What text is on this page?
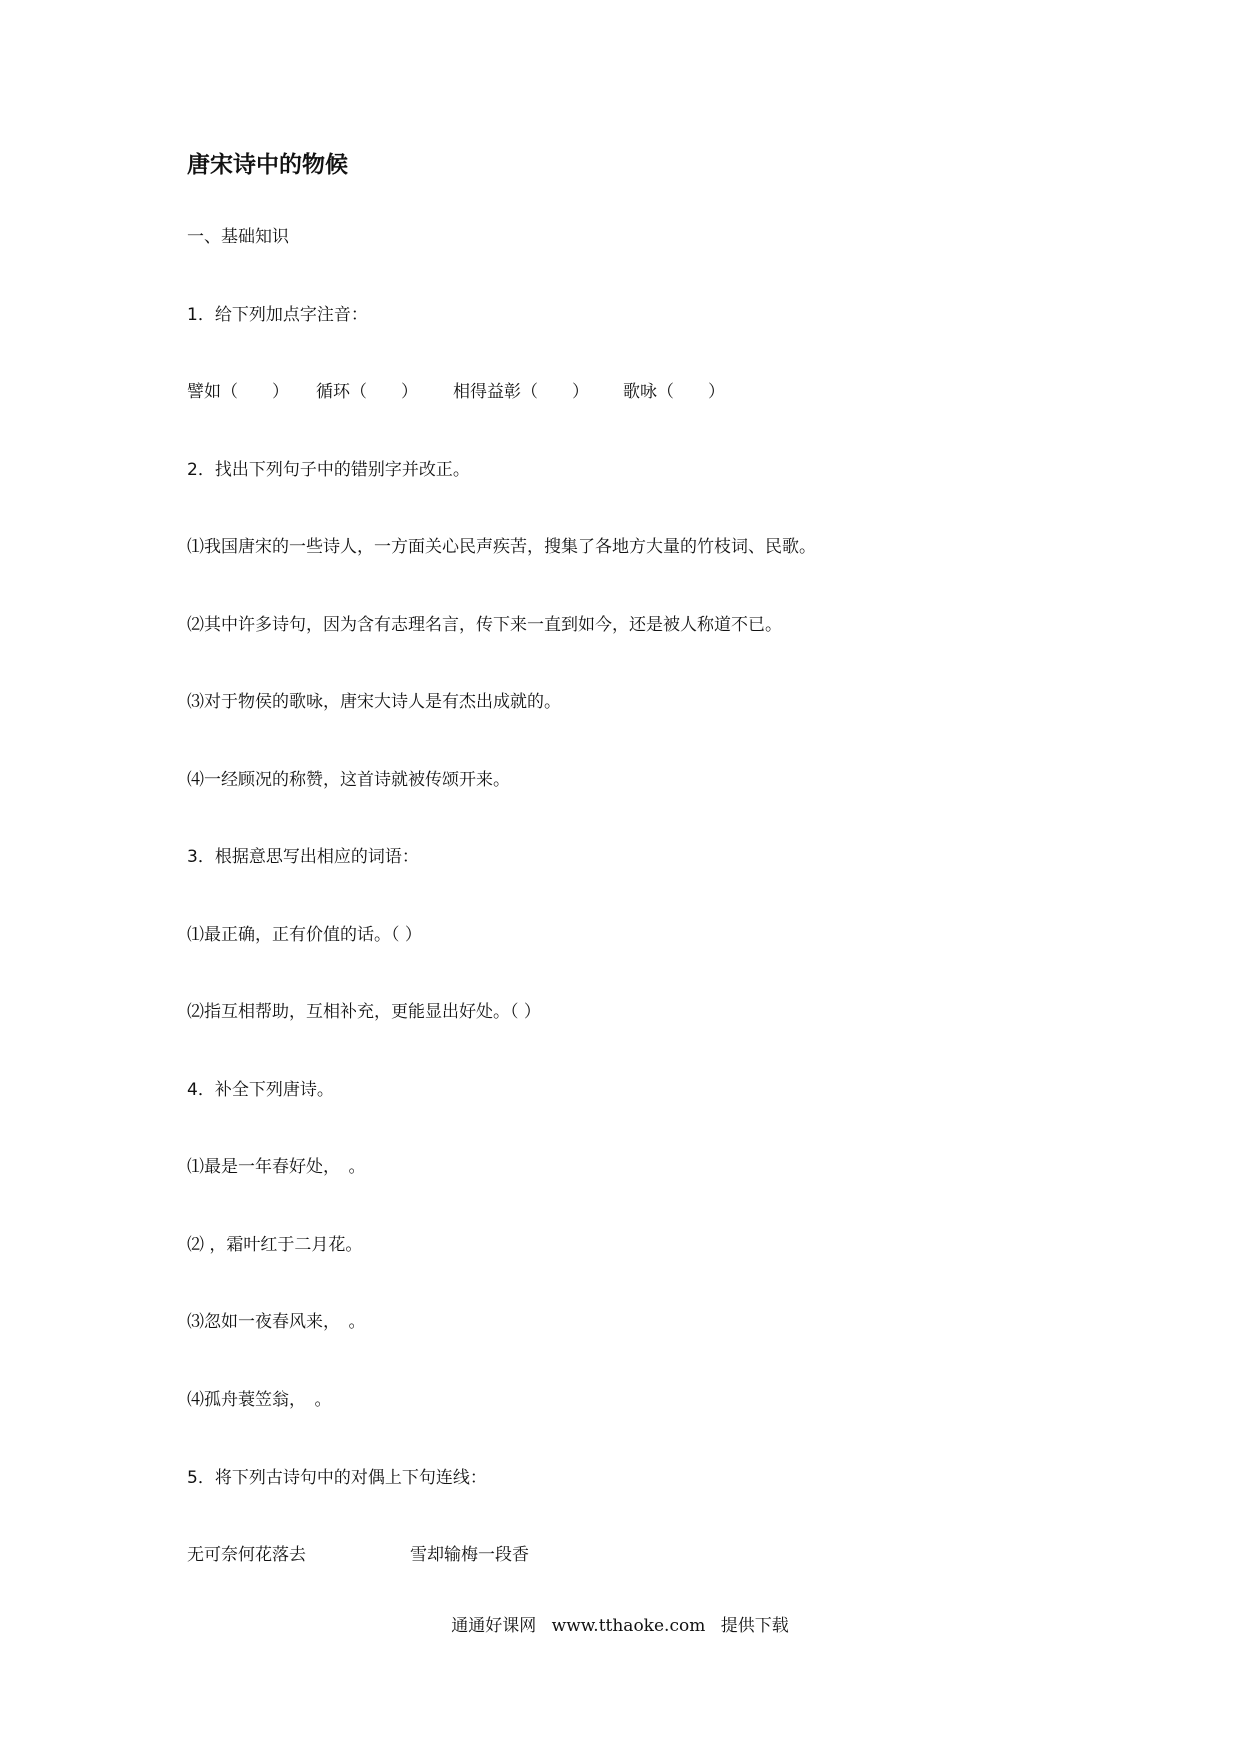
唐宋诗中的物候
一、基础知识
1．给下列加点字注音：
譬如（　　） 循环（　　） 相得益彰（　　） 歌咏（　　）
2．找出下列句子中的错别字并改正。
⑴我国唐宋的一些诗人，一方面关心民声疾苦，搜集了各地方大量的竹枝词、民歌。
⑵其中许多诗句，因为含有志理名言，传下来一直到如今，还是被人称道不已。
⑶对于物侯的歌咏，唐宋大诗人是有杰出成就的。
⑷一经顾况的称赞，这首诗就被传颂开来。
3．根据意思写出相应的词语：
⑴最正确，正有价值的话。（ ）
⑵指互相帮助，互相补充，更能显出好处。（ ）
4．补全下列唐诗。
⑴最是一年春好处，　。
⑵ ，霜叶红于二月花。
⑶忽如一夜春风来，　。
⑷孤舟蓑笠翁，　。
5．将下列古诗句中的对偶上下句连线：
无可奈何花落去	雪却输梅一段香
通通好课网 www.tthaoke.com 提供下载
